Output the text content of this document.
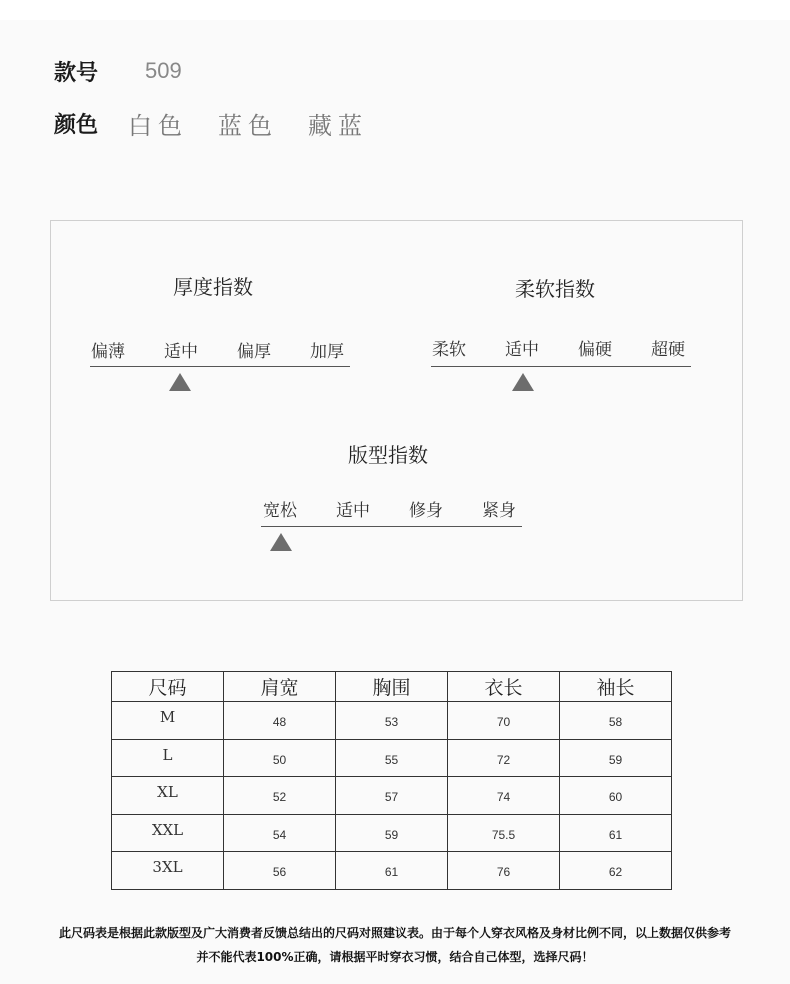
款号 509
颜色 白色 蓝色 藏蓝
厚度指数
偏薄	适中	偏厚	加厚
柔软指数
柔软	适中	偏硬	超硬
版型指数
宽松	适中	修身	紧身
尺码	肩宽	胸围	衣长	袖长
M	48	53	70	58
L	50	55	72	59
XL	52	57	74	60
XXL	54	59	75.5	61
3XL	56	61	76	62
此尺码表是根据此款版型及广大消费者反馈总结出的尺码对照建议表。由于每个人穿衣风格及身材比例不同，以上数据仅供参考
并不能代表100%正确，请根据平时穿衣习惯，结合自己体型，选择尺码！
